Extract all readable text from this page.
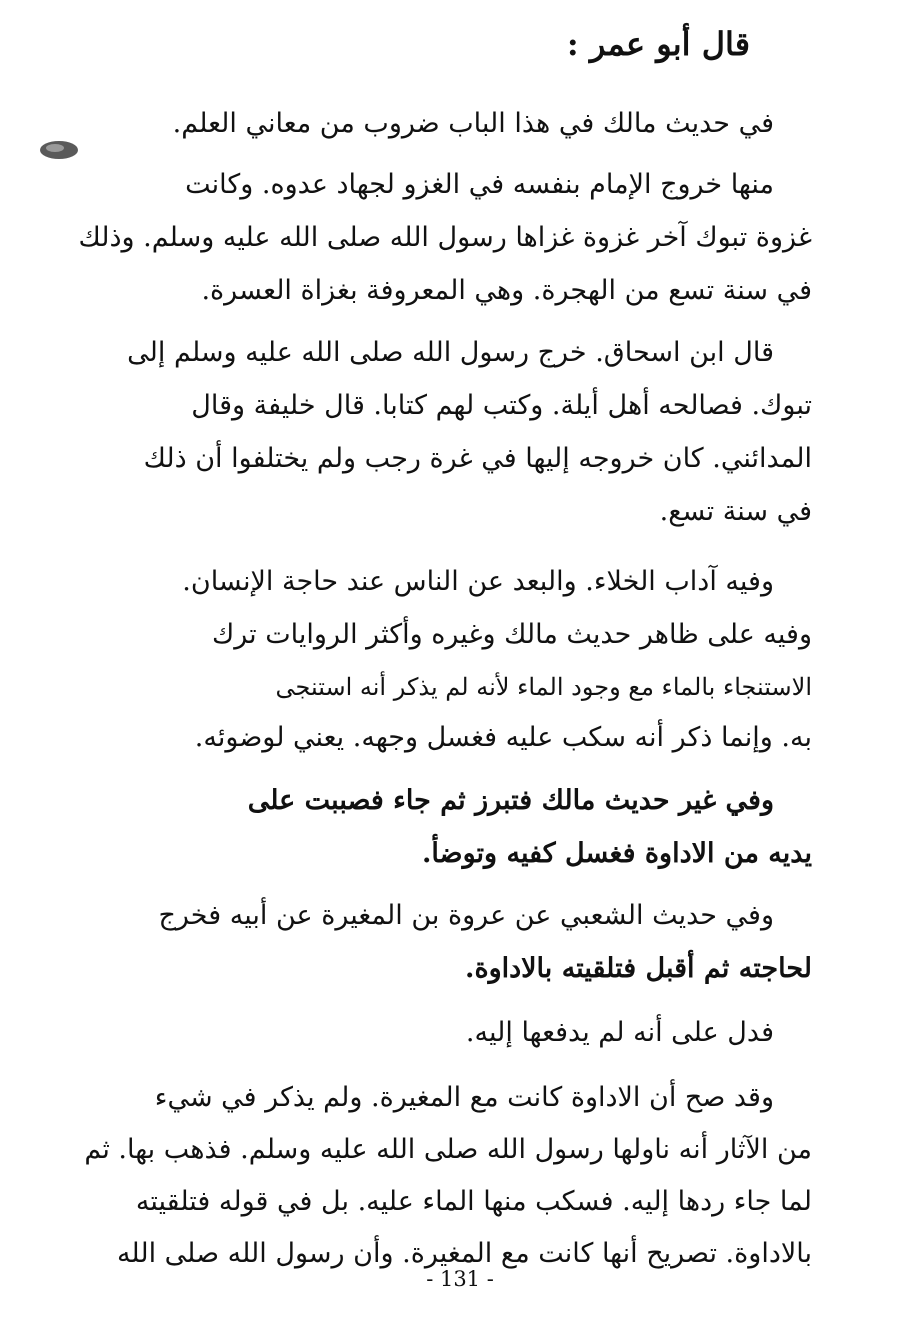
قال أبو عمر :
في حديث مالك في هذا الباب ضروب من معاني العلم.
منها خروج الإمام بنفسه في الغزو لجهاد عدوه. وكانت
غزوة تبوك آخر غزوة غزاها رسول الله صلى الله عليه وسلم. وذلك
في سنة تسع من الهجرة. وهي المعروفة بغزاة العسرة.
قال ابن اسحاق. خرج رسول الله صلى الله عليه وسلم إلى
تبوك. فصالحه أهل أيلة. وكتب لهم كتابا. قال خليفة وقال
المدائني. كان خروجه إليها في غرة رجب ولم يختلفوا أن ذلك
في سنة تسع.
وفيه آداب الخلاء. والبعد عن الناس عند حاجة الإنسان.
وفيه على ظاهر حديث مالك وغيره وأكثر الروايات ترك
الاستنجاء بالماء مع وجود الماء لأنه لم يذكر أنه استنجى
به. وإنما ذكر أنه سكب عليه فغسل وجهه. يعني لوضوئه.
وفي غير حديث مالك فتبرز ثم جاء فصببت على
يديه من الاداوة فغسل كفيه وتوضأ.
وفي حديث الشعبي عن عروة بن المغيرة عن أبيه فخرج
لحاجته ثم أقبل فتلقيته بالاداوة.
فدل على أنه لم يدفعها إليه.
وقد صح أن الاداوة كانت مع المغيرة. ولم يذكر في شيء
من الآثار أنه ناولها رسول الله صلى الله عليه وسلم. فذهب بها. ثم
لما جاء ردها إليه. فسكب منها الماء عليه. بل في قوله فتلقيته
بالاداوة. تصريح أنها كانت مع المغيرة. وأن رسول الله صلى الله
- 131 -
